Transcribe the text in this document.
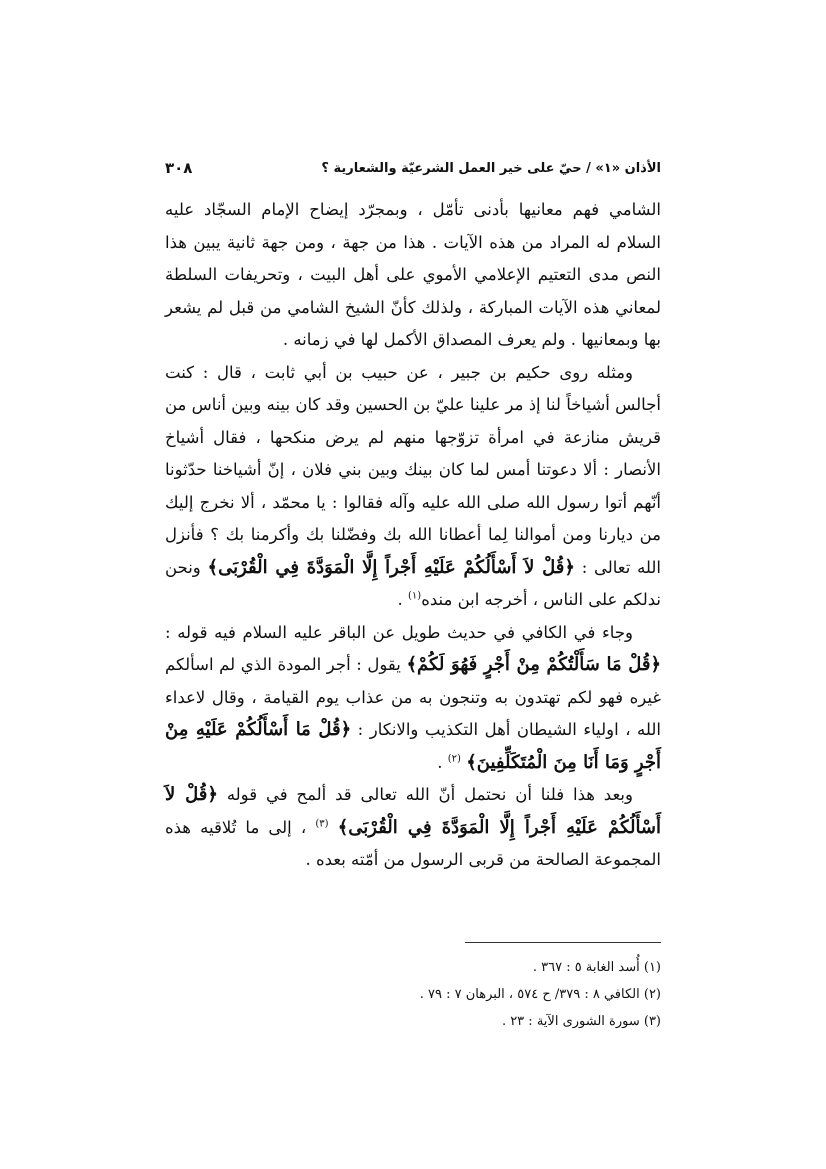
الأذان «١» / حيّ على خير العمل الشرعيّة والشعارية ؟
٣٠٨

الشامي فهم معانيها بأدنى تأمّل ، وبمجرّد إيضاح الإمام السجّاد عليه السلام له المراد من هذه الآيات . هذا من جهة ، ومن جهة ثانية يبين هذا النص مدى التعتيم الإعلامي الأموي على أهل البيت ، وتحريفات السلطة لمعاني هذه الآيات المباركة ، ولذلك كأنّ الشيخ الشامي من قبل لم يشعر بها وبمعانيها . ولم يعرف المصداق الأكمل لها في زمانه .

ومثله روى حكيم بن جبير ، عن حبيب بن أبي ثابت ، قال : كنت أجالس أشياخاً لنا إذ مر علينا عليّ بن الحسين وقد كان بينه وبين أناس من قريش منازعة في امرأة تزوّجها منهم لم يرض منكحها ، فقال أشياخ الأنصار : ألا دعوتنا أمس لما كان بينك وبين بني فلان ، إنّ أشياخنا حدّثونا أنّهم أتوا رسول الله صلى الله عليه وآله فقالوا : يا محمّد ، ألا نخرج إليك من ديارنا ومن أموالنا لِما أعطانا الله بك وفضّلنا بك وأكرمنا بك ؟ فأنزل الله تعالى : ﴿قُلْ لاَ أَسْأَلُكُمْ عَلَيْهِ أَجْراً إِلَّا الْمَوَدَّةَ فِي الْقُرْبَى﴾ ونحن ندلكم على الناس ، أخرجه ابن منده$^{(١)}$ .

وجاء في الكافي في حديث طويل عن الباقر عليه السلام فيه قوله : ﴿قُلْ مَا سَأَلْتُكُمْ مِنْ أَجْرٍ فَهُوَ لَكُمْ﴾ يقول : أجر المودة الذي لم اسألكم غيره فهو لكم تهتدون به وتنجون به من عذاب يوم القيامة ، وقال لاعداء الله ، اولياء الشيطان أهل التكذيب والانكار : ﴿قُلْ مَا أَسْأَلُكُمْ عَلَيْهِ مِنْ أَجْرٍ وَمَا أَنَا مِنَ الْمُتَكَلِّفِينَ﴾ $^{(٢)}$ .

وبعد هذا فلنا أن نحتمل أنّ الله تعالى قد ألمح في قوله ﴿قُلْ لاَ أَسْأَلُكُمْ عَلَيْهِ أَجْراً إِلَّا الْمَوَدَّةَ فِي الْقُرْبَى﴾ $^{(٣)}$ ، إلى ما تُلاقيه هذه المجموعة الصالحة من قربى الرسول من أمّته بعده .

(١) أُسد الغابة ٥ : ٣٦٧ .
(٢) الكافي ٨ : ٣٧٩/ ح ٥٧٤ ، البرهان ٧ : ٧٩ .
(٣) سورة الشورى الآية : ٢٣ .
